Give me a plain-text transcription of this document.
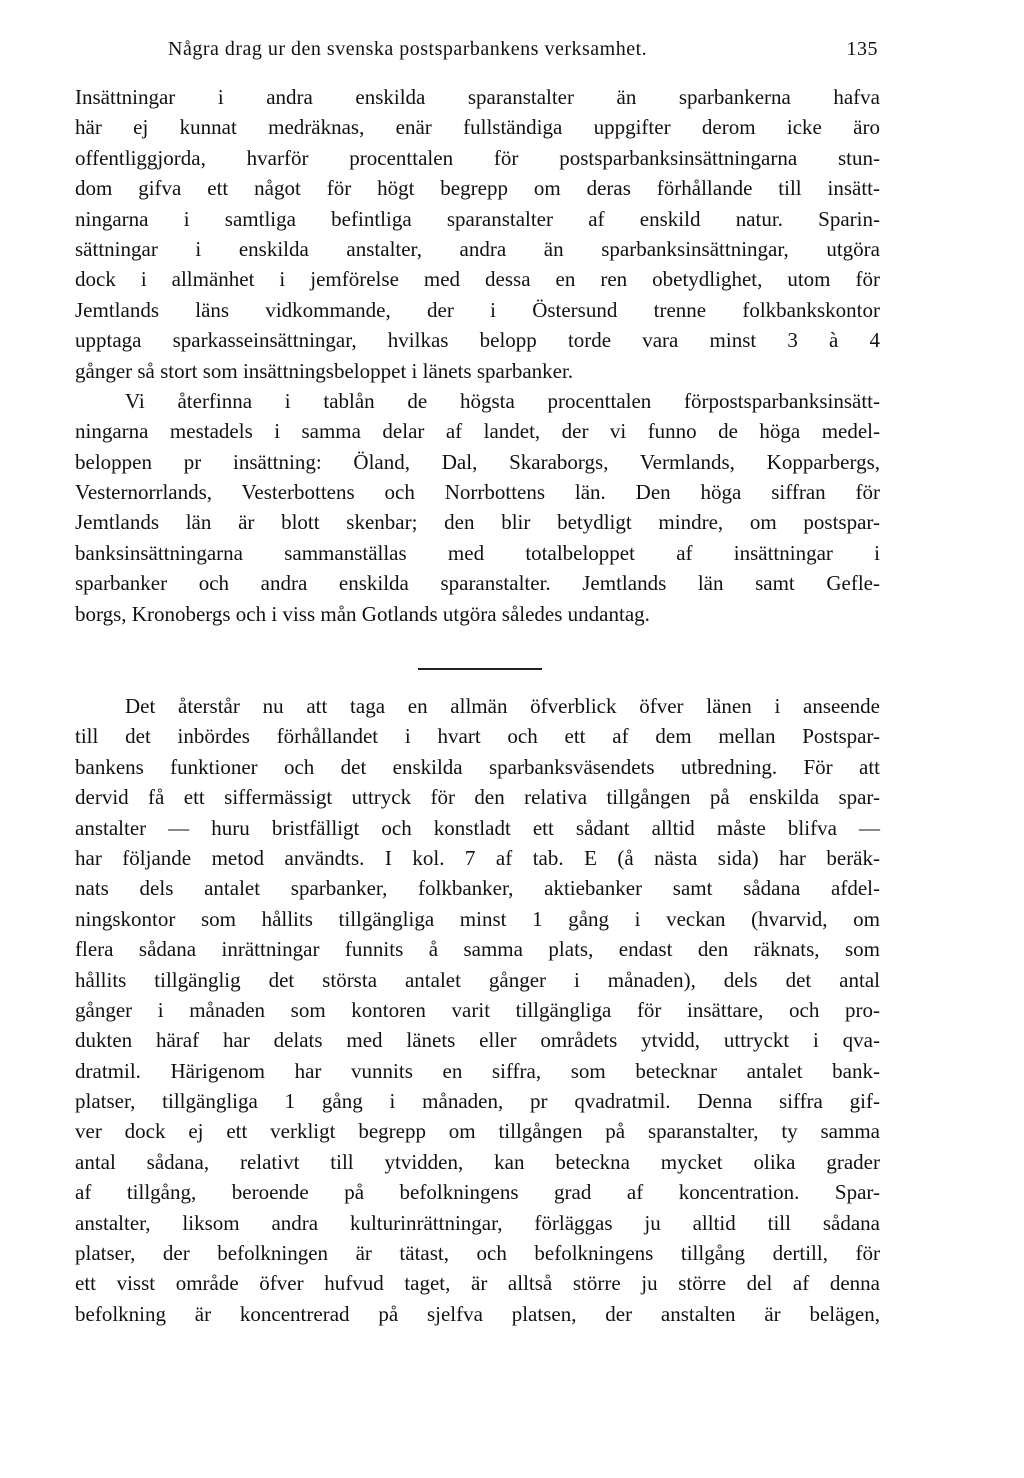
Några drag ur den svenska postsparbankens verksamhet.	135
Insättningar i andra enskilda sparanstalter än sparbankerna hafva
här ej kunnat medräknas, enär fullständiga uppgifter derom icke äro
offentliggjorda, hvarför procenttalen för postsparbanksinsättningarna stun-
dom gifva ett något för högt begrepp om deras förhållande till insätt-
ningarna i samtliga befintliga sparanstalter af enskild natur. Sparin-
sättningar i enskilda anstalter, andra än sparbanksinsättningar, utgöra
dock i allmänhet i jemförelse med dessa en ren obetydlighet, utom för
Jemtlands läns vidkommande, der i Östersund trenne folkbankskontor
upptaga sparkasseinsättningar, hvilkas belopp torde vara minst 3 à 4
gånger så stort som insättningsbeloppet i länets sparbanker.
Vi återfinna i tablån de högsta procenttalen förpostsparbanksinsätt-
ningarna mestadels i samma delar af landet, der vi funno de höga medel-
beloppen pr insättning: Öland, Dal, Skaraborgs, Vermlands, Kopparbergs,
Vesternorrlands, Vesterbottens och Norrbottens län. Den höga siffran för
Jemtlands län är blott skenbar; den blir betydligt mindre, om postspar-
banksinsättningarna sammanställas med totalbeloppet af insättningar i
sparbanker och andra enskilda sparanstalter. Jemtlands län samt Gefle-
borgs, Kronobergs och i viss mån Gotlands utgöra således undantag.
Det återstår nu att taga en allmän öfverblick öfver länen i anseende
till det inbördes förhållandet i hvart och ett af dem mellan Postspar-
bankens funktioner och det enskilda sparbanksväsendets utbredning. För att
dervid få ett siffermässigt uttryck för den relativa tillgången på enskilda spar-
anstalter — huru bristfälligt och konstladt ett sådant alltid måste blifva —
har följande metod användts. I kol. 7 af tab. E (å nästa sida) har beräk-
nats dels antalet sparbanker, folkbanker, aktiebanker samt sådana afdel-
ningskontor som hållits tillgängliga minst 1 gång i veckan (hvarvid, om
flera sådana inrättningar funnits å samma plats, endast den räknats, som
hållits tillgänglig det största antalet gånger i månaden), dels det antal
gånger i månaden som kontoren varit tillgängliga för insättare, och pro-
dukten häraf har delats med länets eller områdets ytvidd, uttryckt i qva-
dratmil. Härigenom har vunnits en siffra, som betecknar antalet bank-
platser, tillgängliga 1 gång i månaden, pr qvadratmil. Denna siffra gif-
ver dock ej ett verkligt begrepp om tillgången på sparanstalter, ty samma
antal sådana, relativt till ytvidden, kan beteckna mycket olika grader
af tillgång, beroende på befolkningens grad af koncentration. Spar-
anstalter, liksom andra kulturinrättningar, förläggas ju alltid till sådana
platser, der befolkningen är tätast, och befolkningens tillgång dertill, för
ett visst område öfver hufvud taget, är alltså större ju större del af denna
befolkning är koncentrerad på sjelfva platsen, der anstalten är belägen,
